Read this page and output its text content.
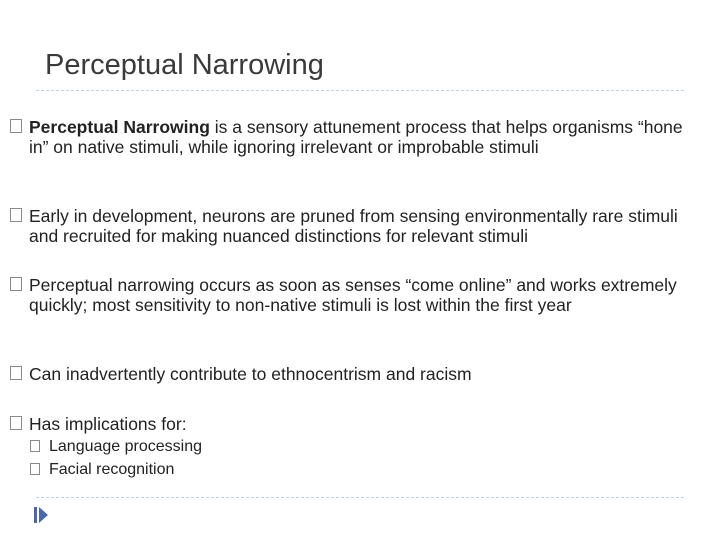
Perceptual Narrowing
Perceptual Narrowing is a sensory attunement process that helps organisms “hone in” on native stimuli, while ignoring irrelevant or improbable stimuli
Early in development, neurons are pruned from sensing environmentally rare stimuli and recruited for making nuanced distinctions for relevant stimuli
Perceptual narrowing occurs as soon as senses “come online” and works extremely quickly; most sensitivity to non-native stimuli is lost within the first year
Can inadvertently contribute to ethnocentrism and racism
Has implications for:
Language processing
Facial recognition
